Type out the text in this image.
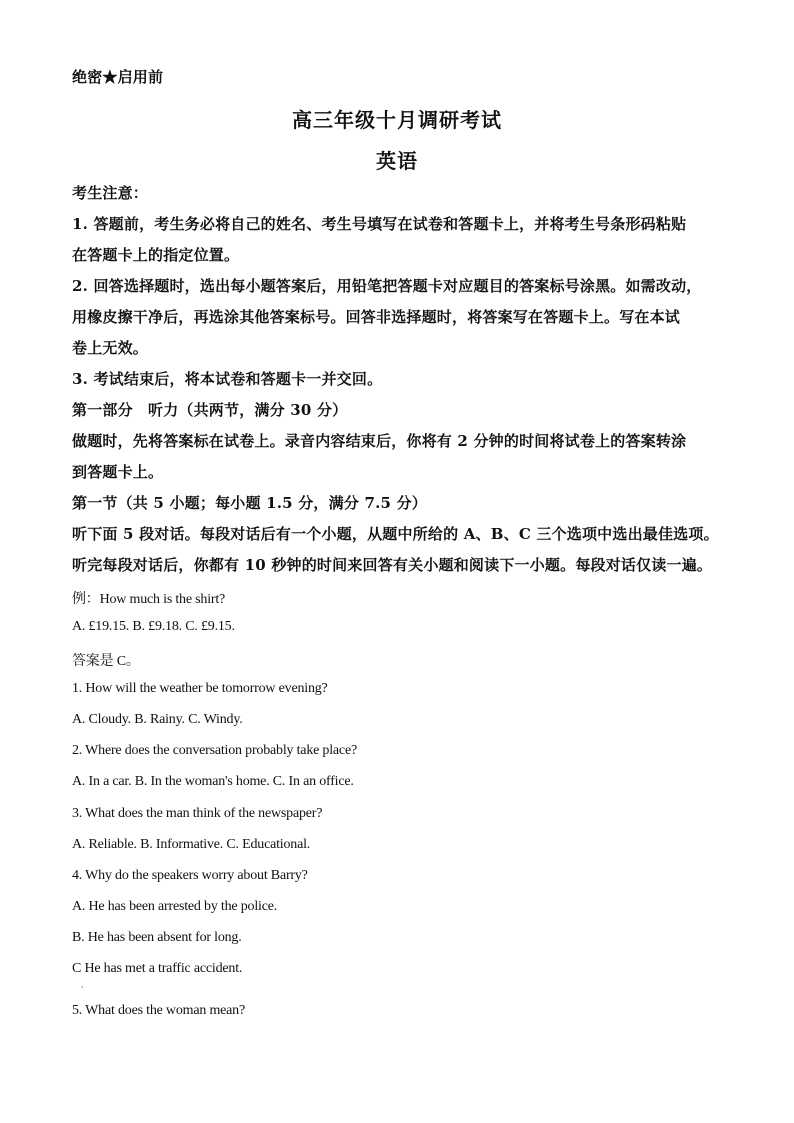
绝密★启用前
高三年级十月调研考试
英语
考生注意：
1. 答题前，考生务必将自己的姓名、考生号填写在试卷和答题卡上，并将考生号条形码粘贴
在答题卡上的指定位置。
2. 回答选择题时，选出每小题答案后，用铅笔把答题卡对应题目的答案标号涂黑。如需改动，
用橡皮擦干净后，再选涂其他答案标号。回答非选择题时，将答案写在答题卡上。写在本试
卷上无效。
3. 考试结束后，将本试卷和答题卡一并交回。
第一部分　听力（共两节，满分 30 分）
做题时，先将答案标在试卷上。录音内容结束后，你将有 2 分钟的时间将试卷上的答案转涂
到答题卡上。
第一节（共 5 小题；每小题 1.5 分，满分 7.5 分）
听下面 5 段对话。每段对话后有一个小题，从题中所给的 A、B、C 三个选项中选出最佳选项。
听完每段对话后，你都有 10 秒钟的时间来回答有关小题和阅读下一小题。每段对话仅读一遍。
例：How much is the shirt?
A. £19.15. B. £9.18. C. £9.15.
答案是 C。
1. How will the weather be tomorrow evening?
A. Cloudy. B. Rainy. C. Windy.
2. Where does the conversation probably take place?
A. In a car. B. In the woman's home. C. In an office.
3. What does the man think of the newspaper?
A. Reliable. B. Informative. C. Educational.
4. Why do the speakers worry about Barry?
A. He has been arrested by the police.
B. He has been absent for long.
C He has met a traffic accident.
·
5. What does the woman mean?
